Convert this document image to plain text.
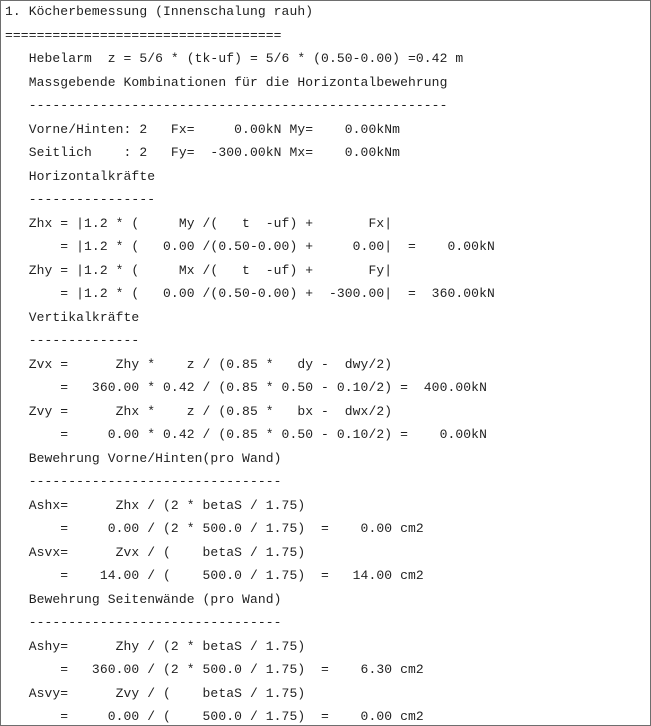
1. Köcherbemessung (Innenschalung rauh)
===================================
Hebelarm  z = 5/6 * (tk-uf) = 5/6 * (0.50-0.00) =0.42 m
Massgebende Kombinationen für die Horizontalbewehrung
-----------------------------------------------------
Vorne/Hinten: 2   Fx=     0.00kN My=    0.00kNm
Seitlich    : 2   Fy=  -300.00kN Mx=    0.00kNm
Horizontalkräfte
----------------
Zhx = |1.2 * (     My /(   t  -uf) +       Fx|
= |1.2 * (   0.00 /(0.50-0.00) +     0.00|  =    0.00kN
Zhy = |1.2 * (     Mx /(   t  -uf) +       Fy|
= |1.2 * (   0.00 /(0.50-0.00) +  -300.00|  =  360.00kN
Vertikalkräfte
--------------
Zvx =      Zhy *    z / (0.85 *   dy -  dwy/2)
=   360.00 * 0.42 / (0.85 * 0.50 - 0.10/2) =  400.00kN
Zvy =      Zhx *    z / (0.85 *   bx -  dwx/2)
=     0.00 * 0.42 / (0.85 * 0.50 - 0.10/2) =    0.00kN
Bewehrung Vorne/Hinten(pro Wand)
--------------------------------
Ashx=      Zhx / (2 * betaS / 1.75)
=     0.00 / (2 * 500.0 / 1.75)  =    0.00 cm2
Asvx=      Zvx / (    betaS / 1.75)
=    14.00 / (    500.0 / 1.75)  =   14.00 cm2
Bewehrung Seitenwände (pro Wand)
--------------------------------
Ashy=      Zhy / (2 * betaS / 1.75)
=   360.00 / (2 * 500.0 / 1.75)  =    6.30 cm2
Asvy=      Zvy / (    betaS / 1.75)
=     0.00 / (    500.0 / 1.75)  =    0.00 cm2
